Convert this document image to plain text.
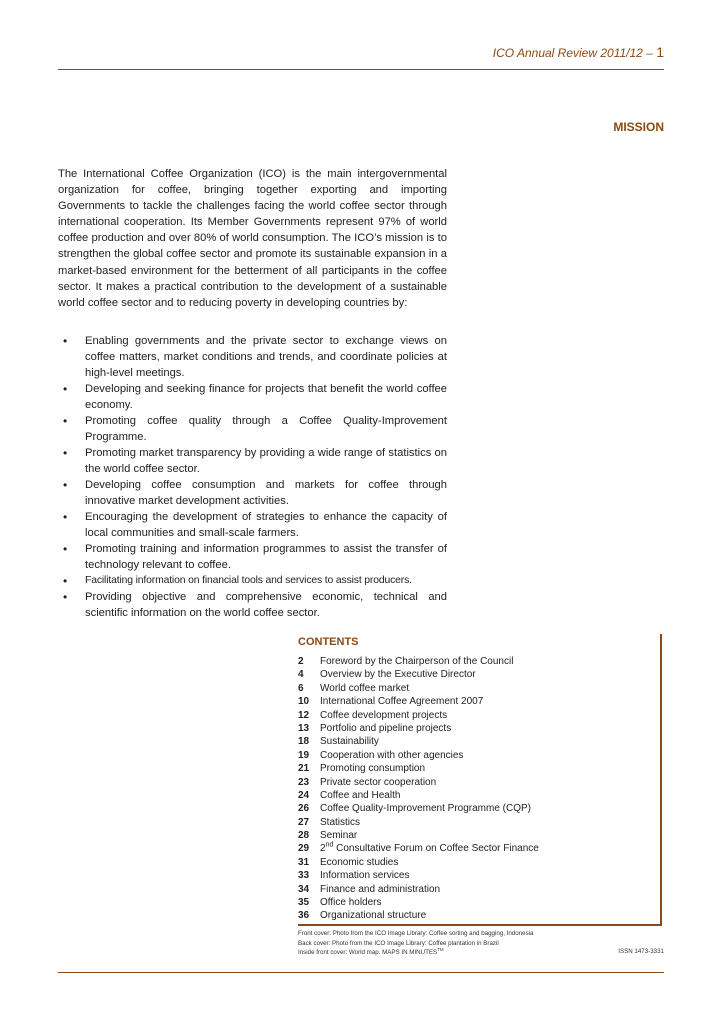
ICO Annual Review 2011/12 – 1
MISSION

The International Coffee Organization (ICO) is the main intergovernmental organization for coffee, bringing together exporting and importing Governments to tackle the challenges facing the world coffee sector through international cooperation. Its Member Governments represent 97% of world coffee production and over 80% of world consumption. The ICO’s mission is to strengthen the global coffee sector and promote its sustainable expansion in a market-based environment for the betterment of all participants in the coffee sector. It makes a practical contribution to the development of a sustainable world coffee sector and to reducing poverty in developing countries by:

• Enabling governments and the private sector to exchange views on coffee matters, market conditions and trends, and coordinate policies at high-level meetings.
• Developing and seeking finance for projects that benefit the world coffee economy.
• Promoting coffee quality through a Coffee Quality-Improvement Programme.
• Promoting market transparency by providing a wide range of statistics on the world coffee sector.
• Developing coffee consumption and markets for coffee through innovative market development activities.
• Encouraging the development of strategies to enhance the capacity of local communities and small-scale farmers.
• Promoting training and information programmes to assist the transfer of technology relevant to coffee.
• Facilitating information on financial tools and services to assist producers.
• Providing objective and comprehensive economic, technical and scientific information on the world coffee sector.
CONTENTS
2 Foreword by the Chairperson of the Council
4 Overview by the Executive Director
6 World coffee market
10 International Coffee Agreement 2007
12 Coffee development projects
13 Portfolio and pipeline projects
18 Sustainability
19 Cooperation with other agencies
21 Promoting consumption
23 Private sector cooperation
24 Coffee and Health
26 Coffee Quality-Improvement Programme (CQP)
27 Statistics
28 Seminar
29 2nd Consultative Forum on Coffee Sector Finance
31 Economic studies
33 Information services
34 Finance and administration
35 Office holders
36 Organizational structure
Front cover: Photo from the ICO Image Library: Coffee sorting and bagging, Indonesia
Back cover: Photo from the ICO Image Library: Coffee plantation in Brazil
Inside front cover: World map. MAPS IN MINUTES™	ISSN 1473-3331
